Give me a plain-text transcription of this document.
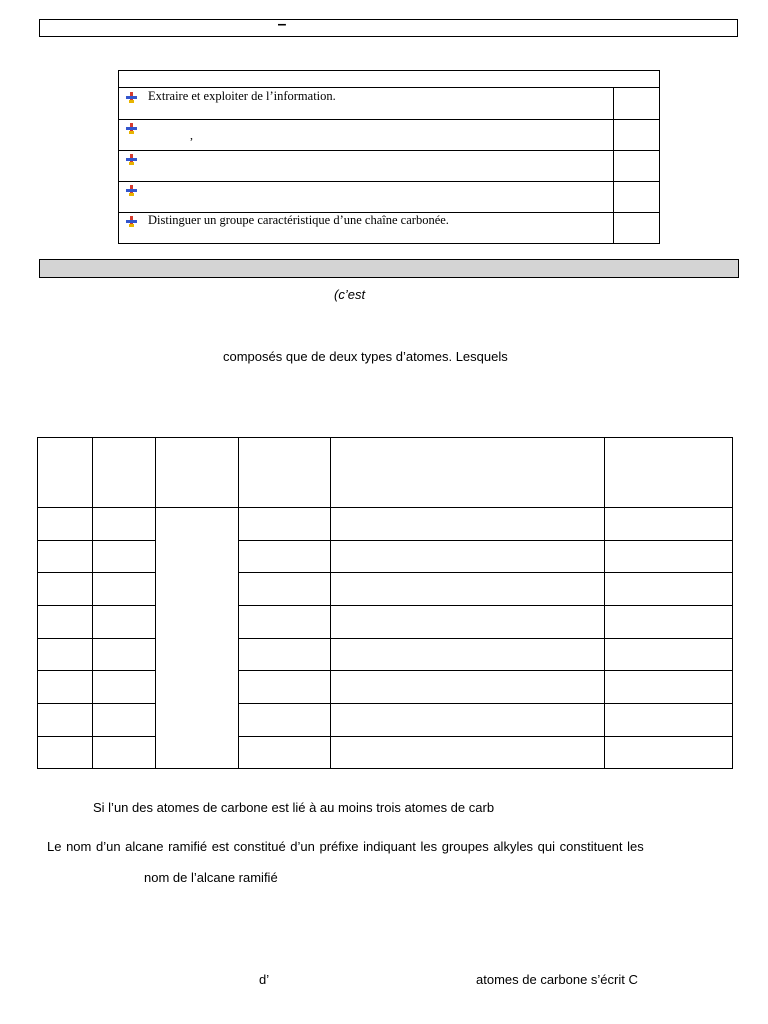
–
Extraire et exploiter de l’information.
,
Distinguer un groupe caractéristique d’une chaîne carbonée.
(c’est
composés que de deux types d’atomes. Lesquels
Si l’un des atomes de carbone est lié à au moins trois atomes de carb
Le nom d’un alcane ramifié est constitué d’un préfixe indiquant les groupes alkyles qui constituent les
nom de l’alcane ramifié
d’	atomes de carbone s’écrit C
